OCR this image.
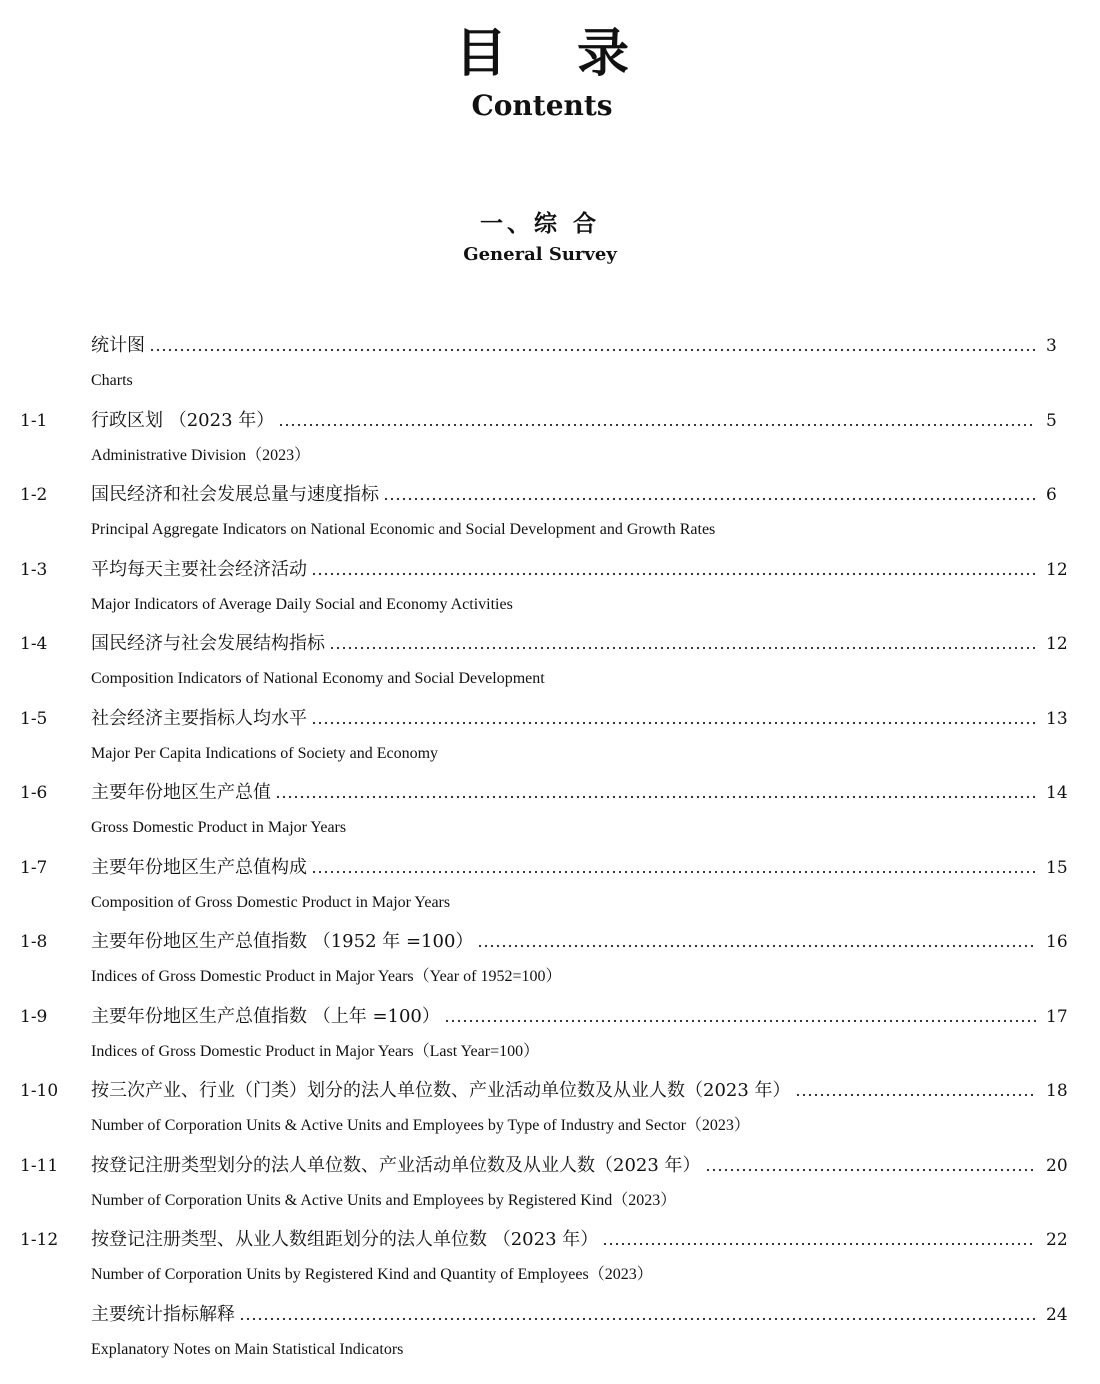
目录
Contents
一、综 合
General Survey
统计图	3
Charts
1-1 行政区划 （2023 年）	5
Administrative Division（2023）
1-2 国民经济和社会发展总量与速度指标	6
Principal Aggregate Indicators on National Economic and Social Development and Growth Rates
1-3 平均每天主要社会经济活动	12
Major Indicators of Average Daily Social and Economy Activities
1-4 国民经济与社会发展结构指标	12
Composition Indicators of National Economy and Social Development
1-5 社会经济主要指标人均水平	13
Major Per Capita Indications of Society and Economy
1-6 主要年份地区生产总值	14
Gross Domestic Product in Major Years
1-7 主要年份地区生产总值构成	15
Composition of Gross Domestic Product in Major Years
1-8 主要年份地区生产总值指数 （1952 年 =100）	16
Indices of Gross Domestic Product in Major Years（Year of 1952=100）
1-9 主要年份地区生产总值指数 （上年 =100）	17
Indices of Gross Domestic Product in Major Years（Last Year=100）
1-10 按三次产业、行业（门类）划分的法人单位数、产业活动单位数及从业人数（2023 年）	18
Number of Corporation Units & Active Units and Employees by Type of Industry and Sector（2023）
1-11 按登记注册类型划分的法人单位数、产业活动单位数及从业人数（2023 年）	20
Number of Corporation Units & Active Units and Employees by Registered Kind（2023）
1-12 按登记注册类型、从业人数组距划分的法人单位数 （2023 年）	22
Number of Corporation Units by Registered Kind and Quantity of Employees（2023）
主要统计指标解释	24
Explanatory Notes on Main Statistical Indicators
